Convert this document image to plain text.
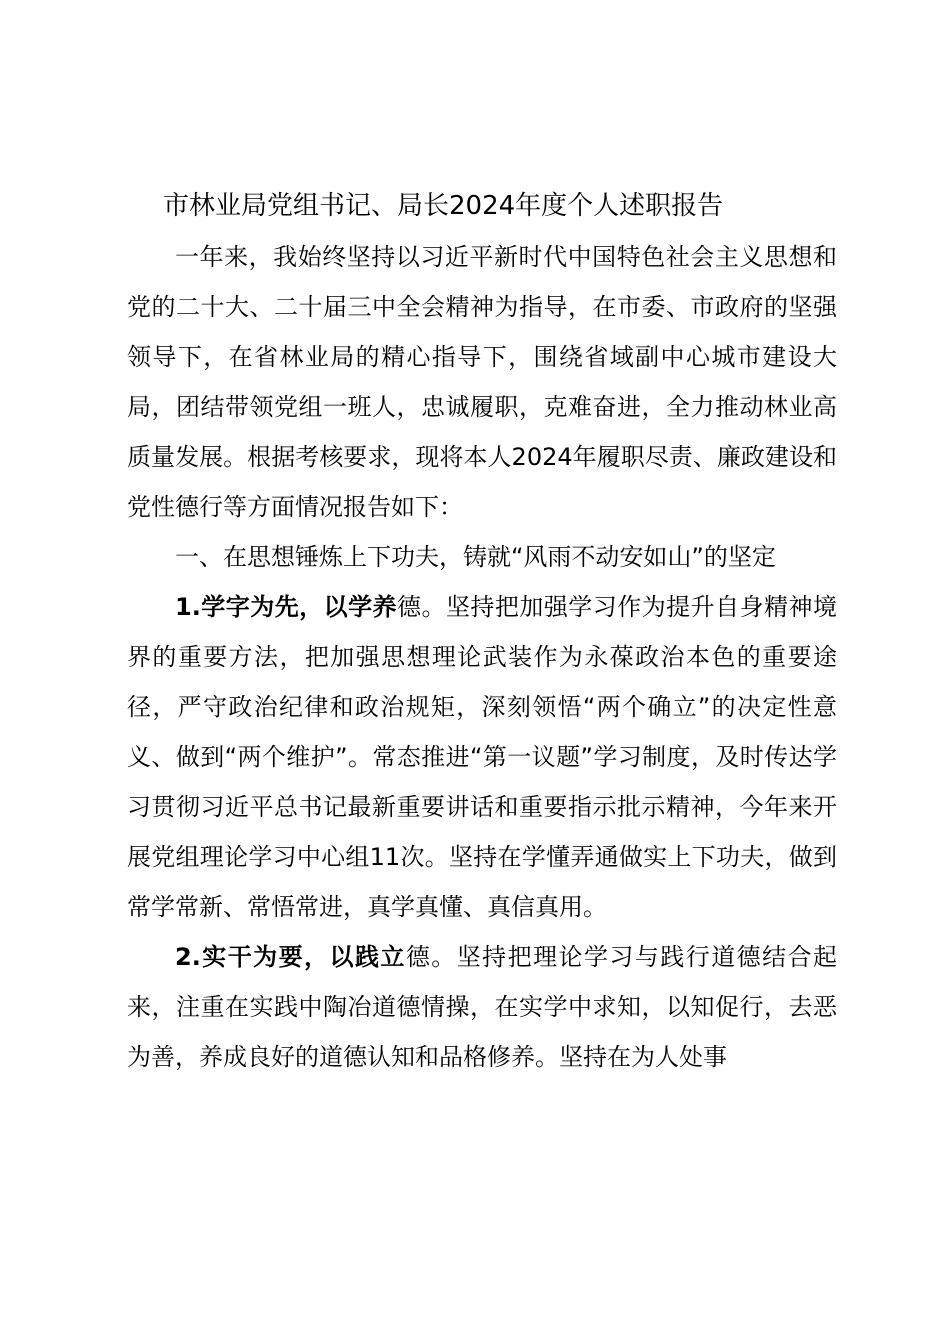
市林业局党组书记、局长2024年度个人述职报告

一年来，我始终坚持以习近平新时代中国特色社会主义思想和党的二十大、二十届三中全会精神为指导，在市委、市政府的坚强领导下，在省林业局的精心指导下，围绕省域副中心城市建设大局，团结带领党组一班人，忠诚履职，克难奋进，全力推动林业高质量发展。根据考核要求，现将本人2024年履职尽责、廉政建设和党性德行等方面情况报告如下：

一、在思想锤炼上下功夫，铸就“风雨不动安如山”的坚定

1.学字为先，以学养德。坚持把加强学习作为提升自身精神境界的重要方法，把加强思想理论武装作为永葆政治本色的重要途径，严守政治纪律和政治规矩，深刻领悟“两个确立”的决定性意义、做到“两个维护”。常态推进“第一议题”学习制度，及时传达学习贯彻习近平总书记最新重要讲话和重要指示批示精神，今年来开展党组理论学习中心组11次。坚持在学懂弄通做实上下功夫，做到常学常新、常悟常进，真学真懂、真信真用。

2.实干为要，以践立德。坚持把理论学习与践行道德结合起来，注重在实践中陶冶道德情操，在实学中求知，以知促行，去恶为善，养成良好的道德认知和品格修养。坚持在为人处事
